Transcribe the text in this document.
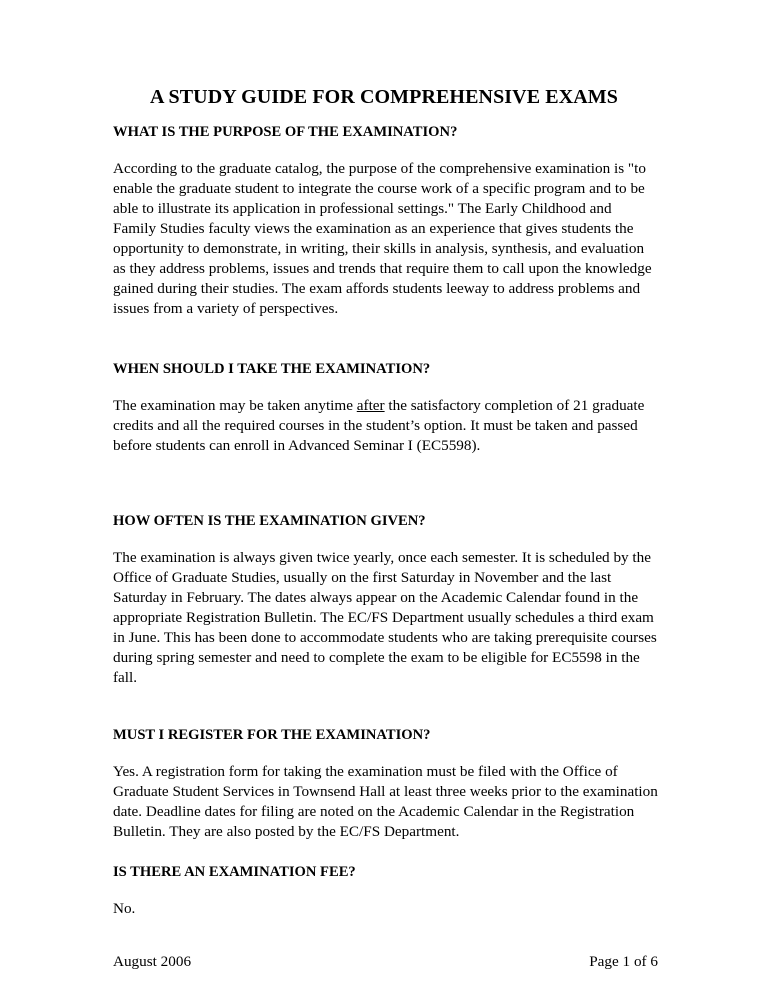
A STUDY GUIDE FOR COMPREHENSIVE EXAMS

WHAT IS THE PURPOSE OF THE EXAMINATION?

According to the graduate catalog, the purpose of the comprehensive examination is "to enable the graduate student to integrate the course work of a specific program and to be able to illustrate its application in professional settings." The Early Childhood and Family Studies faculty views the examination as an experience that gives students the opportunity to demonstrate, in writing, their skills in analysis, synthesis, and evaluation as they address problems, issues and trends that require them to call upon the knowledge gained during their studies. The exam affords students leeway to address problems and issues from a variety of perspectives.

WHEN SHOULD I TAKE THE EXAMINATION?

The examination may be taken anytime after the satisfactory completion of 21 graduate credits and all the required courses in the student’s option. It must be taken and passed before students can enroll in Advanced Seminar I (EC5598).

HOW OFTEN IS THE EXAMINATION GIVEN?

The examination is always given twice yearly, once each semester. It is scheduled by the Office of Graduate Studies, usually on the first Saturday in November and the last Saturday in February. The dates always appear on the Academic Calendar found in the appropriate Registration Bulletin. The EC/FS Department usually schedules a third exam in June. This has been done to accommodate students who are taking prerequisite courses during spring semester and need to complete the exam to be eligible for EC5598 in the fall.

MUST I REGISTER FOR THE EXAMINATION?

Yes. A registration form for taking the examination must be filed with the Office of Graduate Student Services in Townsend Hall at least three weeks prior to the examination date. Deadline dates for filing are noted on the Academic Calendar in the Registration Bulletin. They are also posted by the EC/FS Department.

IS THERE AN EXAMINATION FEE?

No.

August 2006	Page 1 of 6
